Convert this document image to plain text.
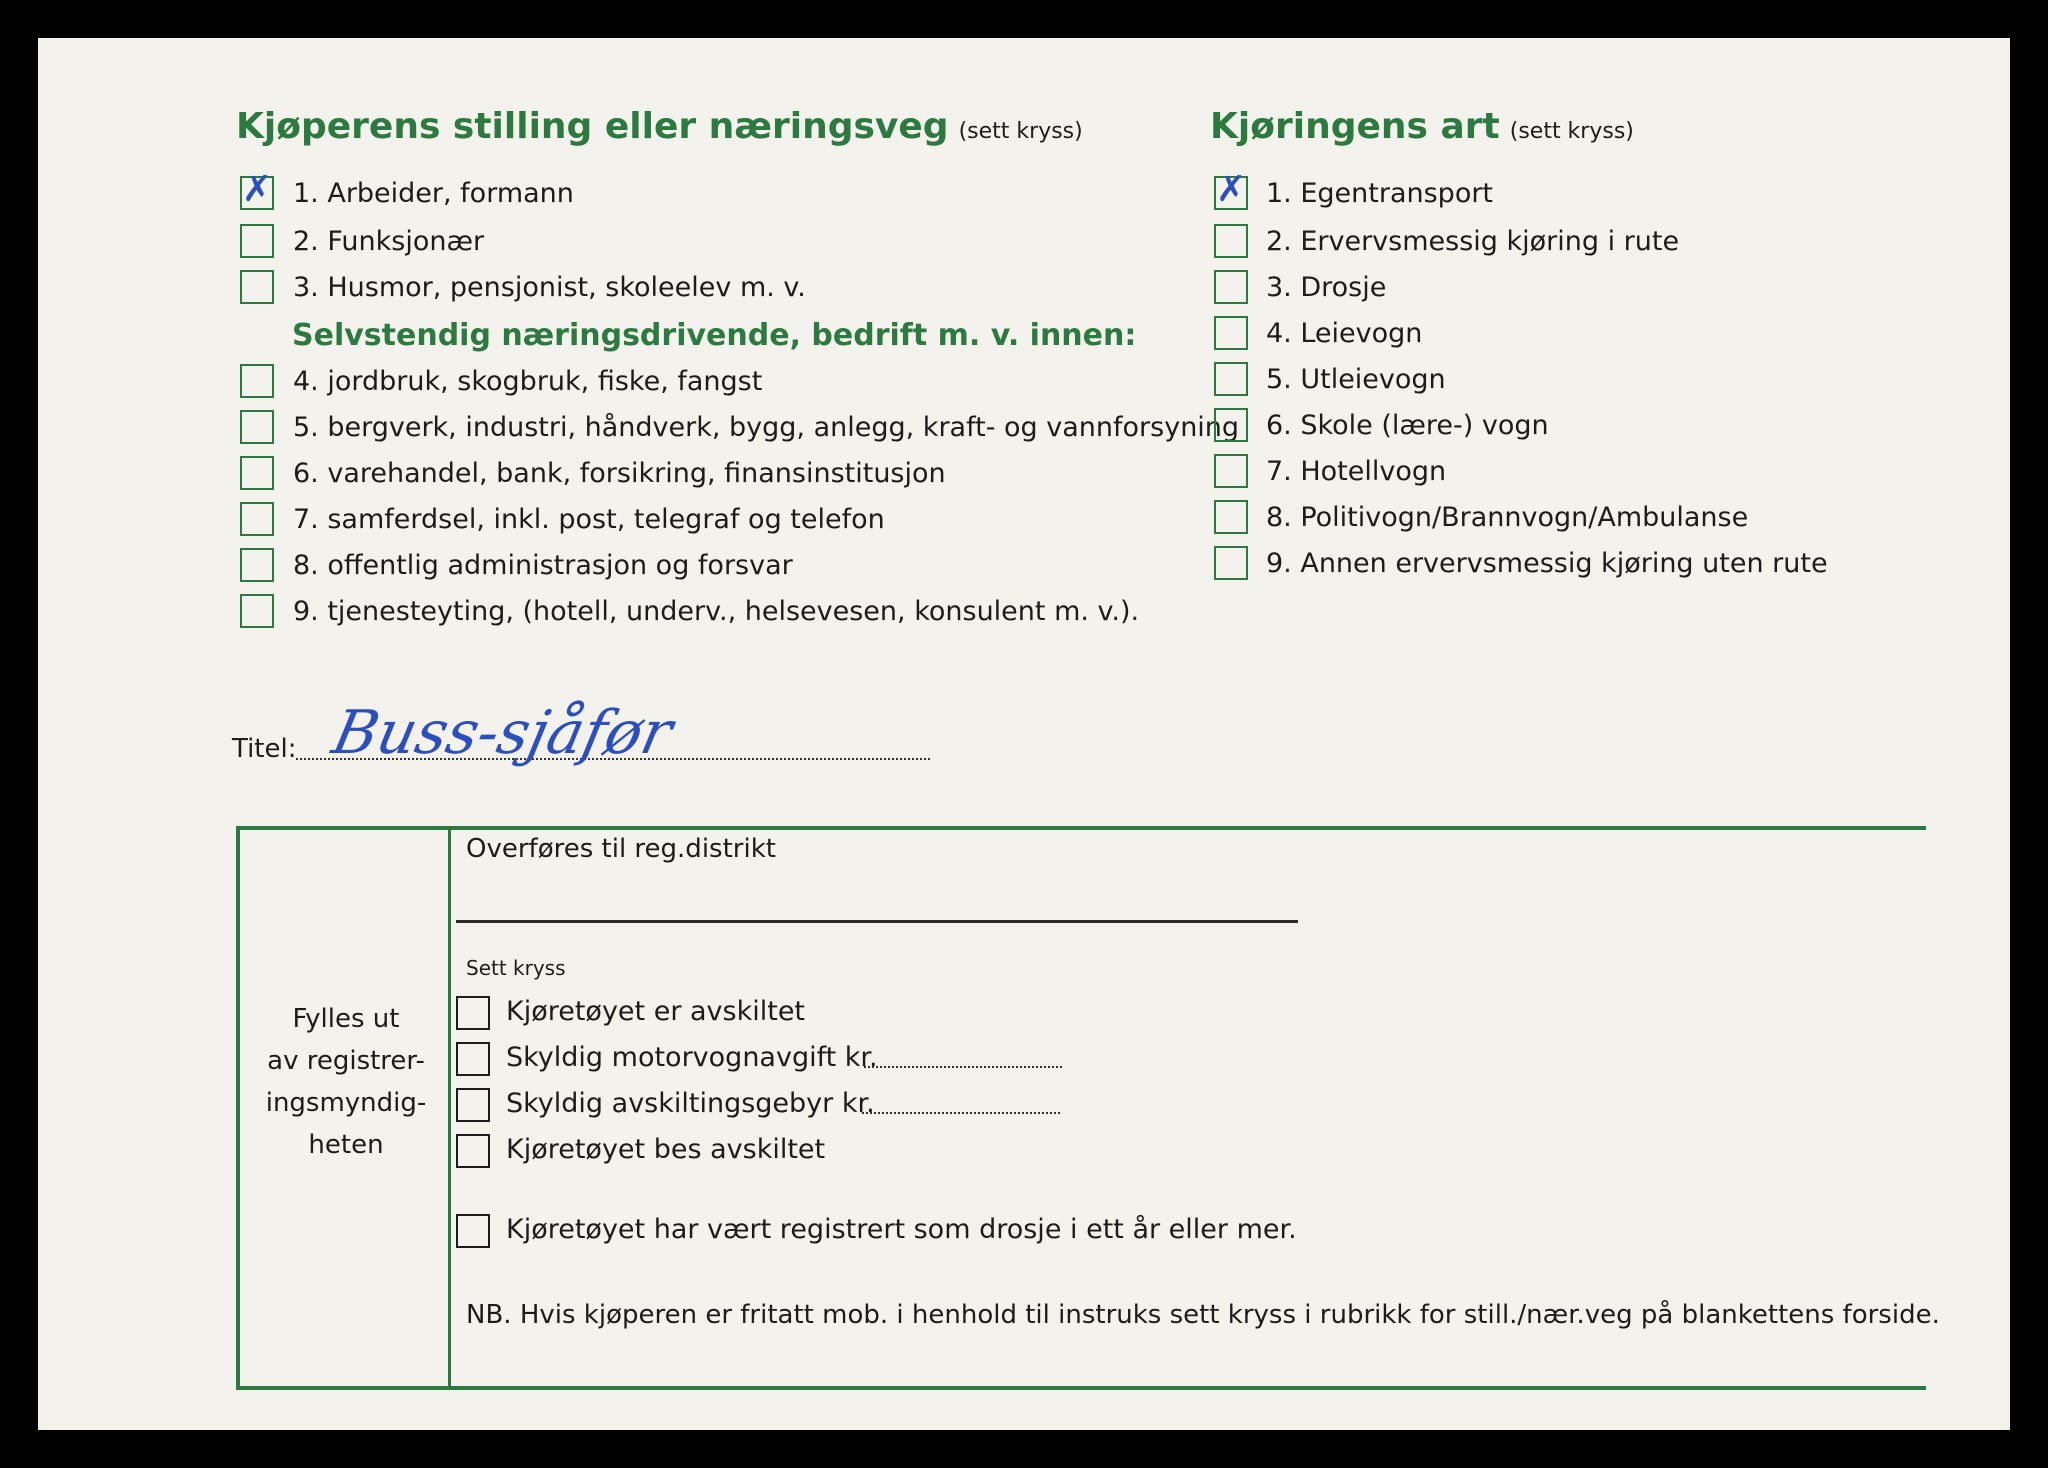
Kjøperens stilling eller næringsveg (sett kryss)
✗ 1. Arbeider, formann
2. Funksjonær
3. Husmor, pensjonist, skoleelev m. v.
Selvstendig næringsdrivende, bedrift m. v. innen:
4. jordbruk, skogbruk, fiske, fangst
5. bergverk, industri, håndverk, bygg, anlegg, kraft- og vannforsyning
6. varehandel, bank, forsikring, finansinstitusjon
7. samferdsel, inkl. post, telegraf og telefon
8. offentlig administrasjon og forsvar
9. tjenesteyting, (hotell, underv., helsevesen, konsulent m. v.).
Kjøringens art (sett kryss)
✗ 1. Egentransport
2. Ervervsmessig kjøring i rute
3. Drosje
4. Leievogn
5. Utleievogn
6. Skole (lære-) vogn
7. Hotellvogn
8. Politivogn/Brannvogn/Ambulanse
9. Annen ervervsmessig kjøring uten rute
Titel: Buss-sjåfør
Fylles ut
av registrer-
ingsmyndig-
heten
Overføres til reg.distrikt
Sett kryss
Kjøretøyet er avskiltet
Skyldig motorvognavgift kr.
Skyldig avskiltingsgebyr kr.
Kjøretøyet bes avskiltet
Kjøretøyet har vært registrert som drosje i ett år eller mer.
NB. Hvis kjøperen er fritatt mob. i henhold til instruks sett kryss i rubrikk for still./nær.veg på blankettens forside.
